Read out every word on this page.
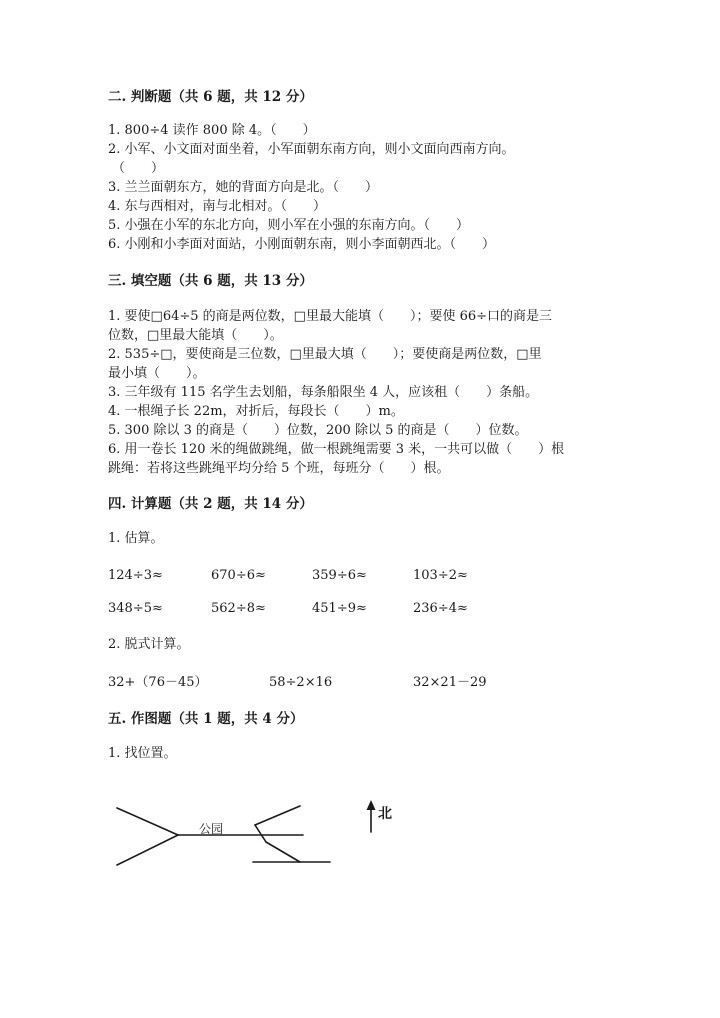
二. 判断题（共 6 题，共 12 分）
1. 800÷4 读作 800 除 4。（　　）
2. 小军、小文面对面坐着，小军面朝东南方向，则小文面向西南方向。
（　　）
3. 兰兰面朝东方，她的背面方向是北。（　　）
4. 东与西相对，南与北相对。（　　）
5. 小强在小军的东北方向，则小军在小强的东南方向。（　　）
6. 小刚和小李面对面站，小刚面朝东南，则小李面朝西北。（　　）
三. 填空题（共 6 题，共 13 分）
1. 要使□64÷5 的商是两位数，□里最大能填（　　）；要使 66÷口的商是三
位数，□里最大能填（　　）。
2. 535÷□，要使商是三位数，□里最大填（　　）；要使商是两位数，□里
最小填（　　）。
3. 三年级有 115 名学生去划船，每条船限坐 4 人，应该租（　　）条船。
4. 一根绳子长 22m，对折后，每段长（　　）m。
5. 300 除以 3 的商是（　　）位数，200 除以 5 的商是（　　）位数。
6. 用一卷长 120 米的绳做跳绳，做一根跳绳需要 3 米，一共可以做（　　）根
跳绳：若将这些跳绳平均分给 5 个班，每班分（　　）根。
四. 计算题（共 2 题，共 14 分）
1. 估算。
124÷3≈	670÷6≈	359÷6≈	103÷2≈
348÷5≈	562÷8≈	451÷9≈	236÷4≈
2. 脱式计算。
32+（76－45）	58÷2×16	32×21－29
五. 作图题（共 1 题，共 4 分）
1. 找位置。
公园
北
